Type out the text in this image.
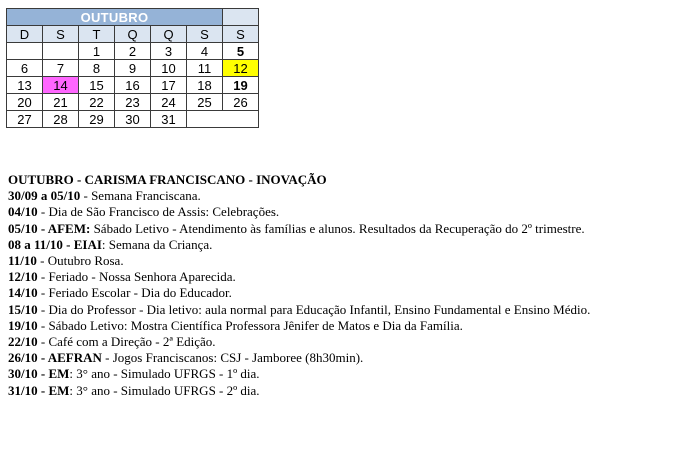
OUTUBRO						
D	S	T	Q	Q	S	S
		1	2	3	4	5
6	7	8	9	10	11	12
13	14	15	16	17	18	19
20	21	22	23	24	25	26
27	28	29	30	31		

OUTUBRO - CARISMA FRANCISCANO - INOVAÇÃO

30/09 a 05/10 - Semana Franciscana.

04/10 - Dia de São Francisco de Assis: Celebrações.

05/10 - AFEM: Sábado Letivo - Atendimento às famílias e alunos. Resultados da Recuperação do 2º trimestre.

08 a 11/10 - EIAI: Semana da Criança.

11/10 - Outubro Rosa.

12/10 - Feriado - Nossa Senhora Aparecida.

14/10 - Feriado Escolar - Dia do Educador.

15/10 - Dia do Professor - Dia letivo: aula normal para Educação Infantil, Ensino Fundamental e Ensino Médio.

19/10 - Sábado Letivo: Mostra Científica Professora Jênifer de Matos e Dia da Família.

22/10 - Café com a Direção - 2ª Edição.

26/10 - AEFRAN - Jogos Franciscanos: CSJ - Jamboree (8h30min).

30/10 - EM: 3° ano - Simulado UFRGS - 1º dia.

31/10 - EM: 3° ano - Simulado UFRGS - 2º dia.
